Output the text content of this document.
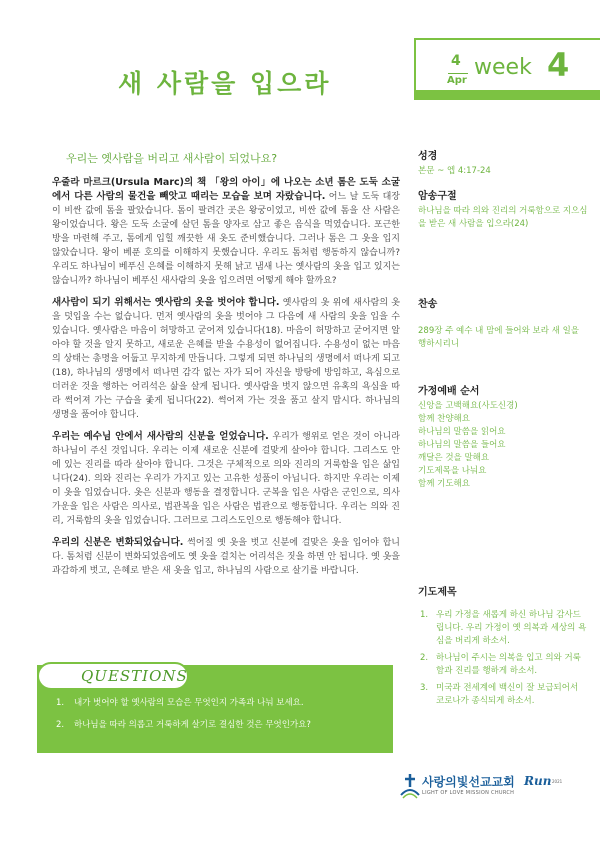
새 사람을 입으라
4
Apr
week 4
우리는 옛사람을 버리고 새사람이 되었나요?

우줄라 마르크(Ursula Marc)의 책 「왕의 아이」에 나오는 소년 톰은 도둑 소굴에서 다른 사람의 물건을 빼앗고 때리는 모습을 보며 자랐습니다. 어느 날 도둑 대장이 비싼 값에 톰을 팔았습니다. 톰이 팔려간 곳은 왕궁이었고, 비싼 값에 톰을 산 사람은 왕이었습니다. 왕은 도둑 소굴에 살던 톰을 양자로 삼고 좋은 음식을 먹였습니다. 포근한 방을 마련해 주고, 톰에게 입힐 깨끗한 새 옷도 준비했습니다. 그러나 톰은 그 옷을 입지 않았습니다. 왕이 베푼 호의를 이해하지 못했습니다. 우리도 톰처럼 행동하지 않습니까? 우리도 하나님이 베푸신 은혜를 이해하지 못해 낡고 냄새 나는 옛사람의 옷을 입고 있지는 않습니까? 하나님이 베푸신 새사람의 옷을 입으려면 어떻게 해야 할까요?

새사람이 되기 위해서는 옛사람의 옷을 벗어야 합니다. 옛사람의 옷 위에 새사람의 옷을 덧입을 수는 없습니다. 먼저 옛사람의 옷을 벗어야 그 다음에 새 사람의 옷을 입을 수 있습니다. 옛사람은 마음이 허망하고 굳어져 있습니다(18). 마음이 허망하고 굳어지면 알아야 할 것을 알지 못하고, 새로운 은혜를 받을 수용성이 없어집니다. 수용성이 없는 마음의 상태는 총명을 어둡고 무지하게 만듭니다. 그렇게 되면 하나님의 생명에서 떠나게 되고(18), 하나님의 생명에서 떠나면 감각 없는 자가 되어 자신을 방탕에 방임하고, 욕심으로 더러운 것을 행하는 어리석은 삶을 살게 됩니다. 옛사람을 벗지 않으면 유혹의 욕심을 따라 썩어져 가는 구습을 좇게 됩니다(22). 썩어져 가는 것을 품고 살지 맙시다. 하나님의 생명을 품어야 합니다.

우리는 예수님 안에서 새사람의 신분을 얻었습니다. 우리가 행위로 얻은 것이 아니라 하나님이 주신 것입니다. 우리는 이제 새로운 신분에 걸맞게 살아야 합니다. 그리스도 안에 있는 진리를 따라 살아야 합니다. 그것은 구체적으로 의와 진리의 거룩함을 입은 삶입니다(24). 의와 진리는 우리가 가지고 있는 고유한 성품이 아닙니다. 하지만 우리는 이제 이 옷을 입었습니다. 옷은 신분과 행동을 결정합니다. 군복을 입은 사람은 군인으로, 의사 가운을 입은 사람은 의사로, 법관복을 입은 사람은 법관으로 행동합니다. 우리는 의와 진리, 거룩함의 옷을 입었습니다. 그러므로 그리스도인으로 행동해야 합니다.

우리의 신분은 변화되었습니다. 썩어질 옛 옷을 벗고 신분에 걸맞은 옷을 입어야 합니다. 톰처럼 신분이 변화되었음에도 옛 옷을 걸치는 어리석은 짓을 하면 안 됩니다. 옛 옷을 과감하게 벗고, 은혜로 받은 새 옷을 입고, 하나님의 사람으로 살기를 바랍니다.

QUESTIONS
1. 내가 벗어야 할 옛사람의 모습은 무엇인지 가족과 나눠 보세요.
2. 하나님을 따라 의롭고 거룩하게 살기로 결심한 것은 무엇인가요?
성경
본문 ~ 엡 4:17-24
암송구절
하나님을 따라 의와 진리의 거룩함으로 지으심을 받은 새 사람을 입으라(24)
찬송
289장 주 예수 내 맘에 들어와 보라 새 일을 행하시리니
가정예배 순서
신앙을 고백해요(사도신경)
함께 찬양해요
하나님의 말씀을 읽어요
하나님의 말씀을 들어요
깨달은 것을 말해요
기도제목을 나눠요
함께 기도해요
기도제목
1. 우리 가정을 새롭게 하신 하나님 감사드립니다. 우리 가정이 옛 의복과 세상의 욕심을 버리게 하소서.
2. 하나님이 주시는 의복을 입고 의와 거룩함과 진리를 행하게 하소서.
3. 미국과 전세계에 백신이 잘 보급되어서 코로나가 종식되게 하소서.
사랑의빛선교교회
LIGHT OF LOVE MISSION CHURCH
Run 2021
